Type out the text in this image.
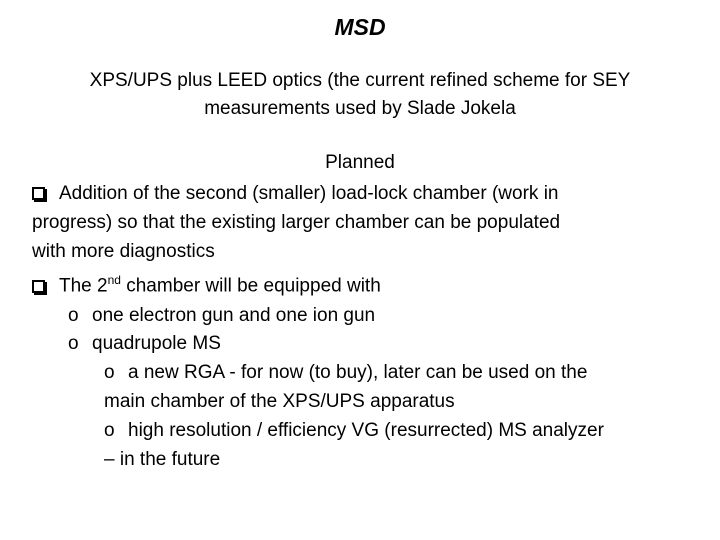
MSD
XPS/UPS plus LEED optics (the current refined scheme for SEY
measurements used by Slade Jokela
Planned
Addition of the second (smaller) load-lock chamber (work in
progress) so that the existing larger chamber can be populated
with more diagnostics
The 2nd chamber will be equipped with
o one electron gun and one ion gun
o quadrupole MS
o a new RGA - for now (to buy), later can be used on the
main chamber of the XPS/UPS apparatus
o high resolution / efficiency VG (resurrected) MS analyzer
– in the future
